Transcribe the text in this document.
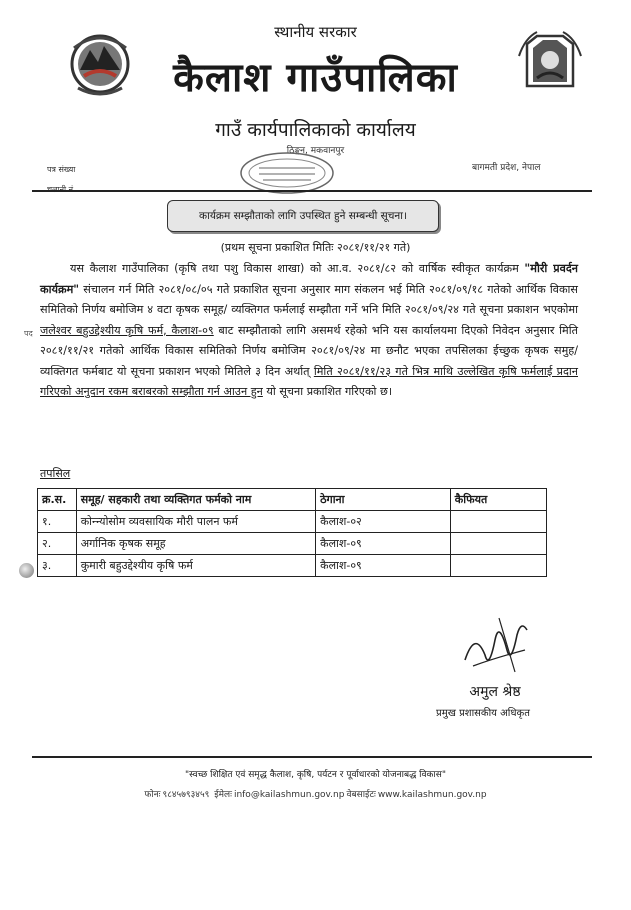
स्थानीय सरकार
कैलाश गाउँपालिका
गाउँ कार्यपालिकाको कार्यालय
ठिङ्गन, मकवानपुर
पत्र संख्या	बागमती प्रदेश, नेपाल
कार्यक्रम सम्झौताको लागि उपस्थित हुने सम्बन्धी सूचना।
(प्रथम सूचना प्रकाशित मितिः २०८१/११/२१ गते)

यस कैलाश गाउँपालिका (कृषि तथा पशु विकास शाखा) को आ.व. २०८१/८२ को वार्षिक स्वीकृत कार्यक्रम "मौरी प्रवर्दन कार्यक्रम" संचालन गर्न मिति २०८१/०८/०५ गते प्रकाशित सूचना अनुसार माग संकलन भई मिति २०८१/०९/१८ गतेको आर्थिक विकास समितिको निर्णय बमोजिम ४ वटा कृषक समूह/ व्यक्तिगत फर्मलाई सम्झौता गर्ने भनि मिति २०८१/०९/२४ गते सूचना प्रकाशन भएकोमा जलेश्वर बहुउद्देश्यीय कृषि फर्म, कैलाश-०९ बाट सम्झौताको लागि असमर्थ रहेको भनि यस कार्यालयमा दिएको निवेदन अनुसार मिति २०८१/११/२१ गतेको आर्थिक विकास समितिको निर्णय बमोजिम २०८१/०९/२४ मा छनौट भएका तपसिलका ईच्छुक कृषक समुह/व्यक्तिगत फर्मबाट यो सूचना प्रकाशन भएको मितिले ३ दिन अर्थात् मिति २०८१/११/२३ गते भित्र माथि उल्लेखित कृषि फर्मलाई प्रदान गरिएको अनुदान रकम बराबरको सम्झौता गर्न आउन हुन यो सूचना प्रकाशित गरिएको छ।

पद
तपसिल
क्र.स.	समूह/ सहकारी तथा व्यक्तिगत फर्मको नाम	ठेगाना	कैफियत
१.	कोन्न्योसोम व्यवसायिक मौरी पालन फर्म	कैलाश-०२	
२.	अर्गानिक कृषक समूह	कैलाश-०९	
३.	कुमारी बहुउद्देश्यीय कृषि फर्म	कैलाश-०९	
अमुल श्रेष्ठ
प्रमुख प्रशासकीय अधिकृत
"स्वच्छ शिक्षित एवं समृद्ध कैलाश, कृषि, पर्यटन र पूर्वाधारको योजनाबद्ध विकास"
फोनः ९८४५७९३४५९ ईमेलः info@kailashmun.gov.np वेबसाईटः www.kailashmun.gov.np
